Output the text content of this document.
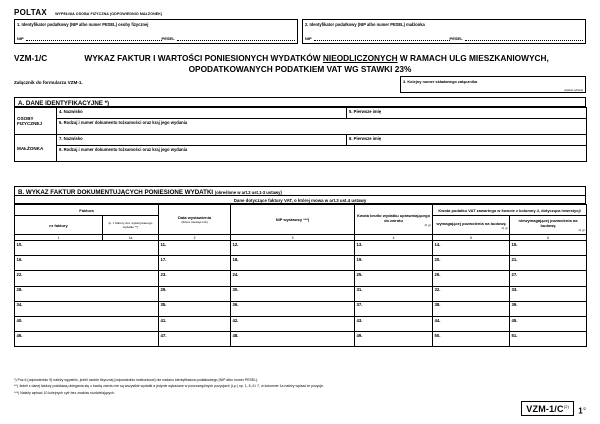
POLTAX WYPEŁNIA OSOBA FIZYCZNA (ODPOWIEDNIO MAŁŻONEK)
1. Identyfikator podatkowy (NIP albo numer PESEL) osoby fizycznej
NIP	PESEL
2. Identyfikator podatkowy (NIP albo numer PESEL) małżonka
NIP	PESEL
VZM-1/C	WYKAZ FAKTUR I WARTOŚCI PONIESIONYCH WYDATKÓW NIEODLICZONYCH W RAMACH ULG MIESZKANIOWYCH,
OPODATKOWANYCH PODATKIEM VAT WG STAWKI 23%
Załącznik do formularza VZM-1.	3. Kolejny numer składanego załącznika
(wpisać cyframi)
A. DANE IDENTYFIKACYJNE *)
OSOBY FIZYCZNEJ	4. Nazwisko	5. Pierwsze imię
	6. Rodzaj i numer dokumentu tożsamości oraz kraj jego wydania	
MAŁŻONKA	7. Nazwisko	8. Pierwsze imię
	9. Rodzaj i numer dokumentu tożsamości oraz kraj jego wydania	
B. WYKAZ FAKTUR DOKUMENTUJĄCYCH PONIESIONE WYDATKI (określone w art.3 ust.1-3 ustawy)
Dane dotyczące faktury VAT, o której mowa w art.3 ust.4 ustawy
Faktura	
Data wystawienia
(dzień-miesiąc-rok)	NIP wystawcy ***)	
Kwota brutto wydatku uprawniającego do zwrotu
zł, gr
	Kwota podatku VAT zawartego w kwocie z kolumny 4, dotycząca inwestycji
nr faktury	lp. z faktury dot. wykazywanego wydatku **)	
wymagającej pozwolenia na budowę
zł, gr

niewymagającej pozwolenia na budowę
zł, gr

1	1a	2	3	4	5	6
10.		11.	12.	13.	14.	15.
16.		17.	18.	19.	20.	21.
22.		23.	24.	25.	26.	27.
28.		29.	30.	31.	32.	33.
34.		35.	36.	37.	38.	39.
40.		41.	42.	43.	44.	45.
46.		47.	48.	49.	50.	51.

*) Poz.6 (odpowiednio 9) należy wypełnić, jeżeli osobie fizycznej (odpowiednio małżonkowi) nie nadano identyfikatora podatkowego (NIP albo numer PESEL).

**) Jeżeli z danej faktury podstawą ubiegania się o kwotę zwrotu nie są wszystkie wydatki a jedynie wykazane w poszczególnych pozycjach (Lp.) np. 1, 5, 6 i 7, w kolumnie 1a należy wpisać te pozycje.

***) Należy wpisać 10 kolejnych cyfr bez znaków rozdzielających.

VZM-$1/C^{(2)}$
$1^{/2}$
